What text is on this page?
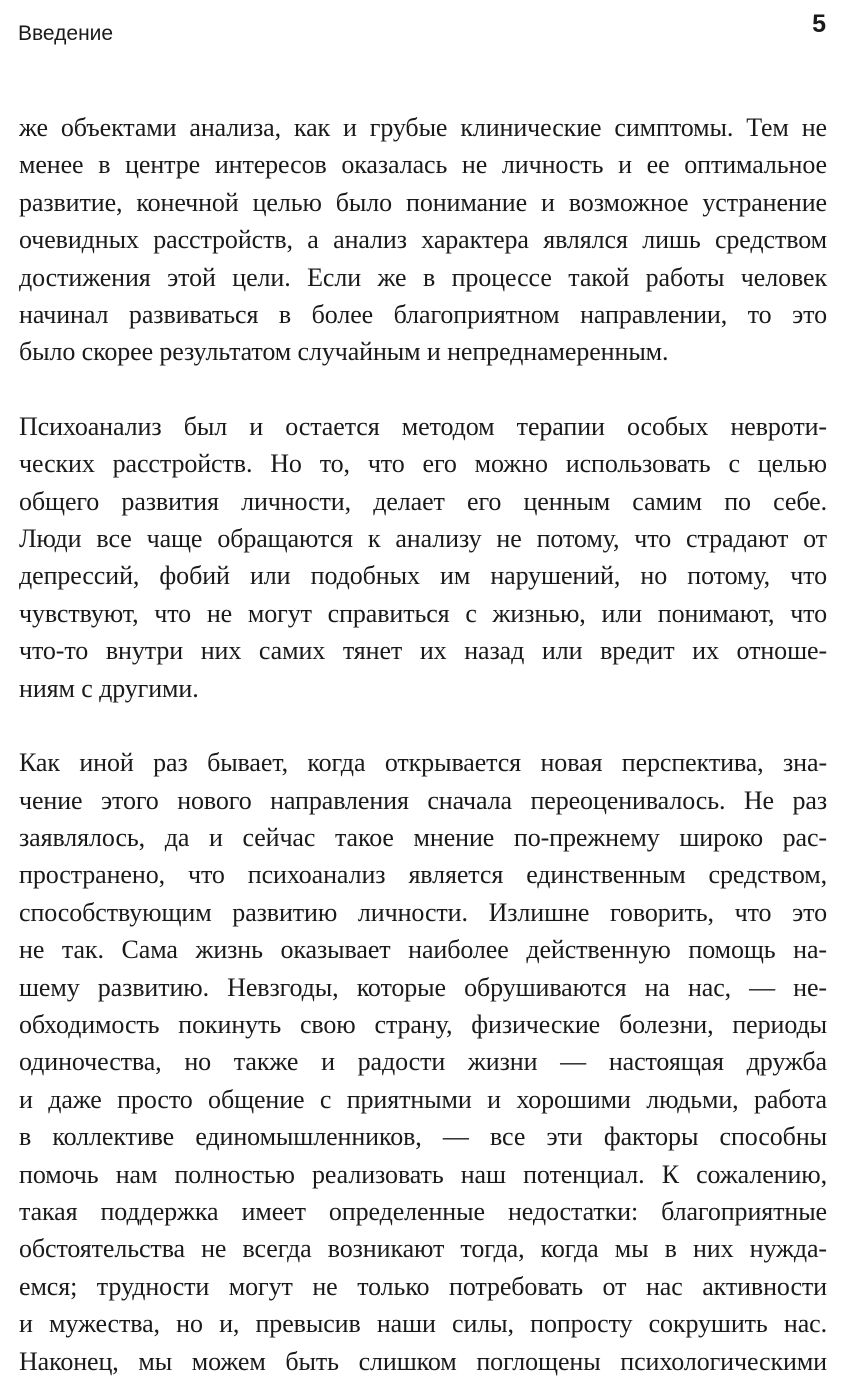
Введение	5

же объектами анализа, как и грубые клинические симптомы. Тем не
менее в центре интересов оказалась не личность и ее оптимальное
развитие, конечной целью было понимание и возможное устранение
очевидных расстройств, а анализ характера являлся лишь средством
достижения этой цели. Если же в процессе такой работы человек
начинал развиваться в более благоприятном направлении, то это
было скорее результатом случайным и непреднамеренным.

Психоанализ был и остается методом терапии особых невроти-
ческих расстройств. Но то, что его можно использовать с целью
общего развития личности, делает его ценным самим по себе.
Люди все чаще обращаются к анализу не потому, что страдают от
депрессий, фобий или подобных им нарушений, но потому, что
чувствуют, что не могут справиться с жизнью, или понимают, что
что-то внутри них самих тянет их назад или вредит их отноше-
ниям с другими.

Как иной раз бывает, когда открывается новая перспектива, зна-
чение этого нового направления сначала переоценивалось. Не раз
заявлялось, да и сейчас такое мнение по-прежнему широко рас-
пространено, что психоанализ является единственным средством,
способствующим развитию личности. Излишне говорить, что это
не так. Сама жизнь оказывает наиболее действенную помощь на-
шему развитию. Невзгоды, которые обрушиваются на нас, — не-
обходимость покинуть свою страну, физические болезни, периоды
одиночества, но также и радости жизни — настоящая дружба
и даже просто общение с приятными и хорошими людьми, работа
в коллективе единомышленников, — все эти факторы способны
помочь нам полностью реализовать наш потенциал. К сожалению,
такая поддержка имеет определенные недостатки: благоприятные
обстоятельства не всегда возникают тогда, когда мы в них нужда-
емся; трудности могут не только потребовать от нас активности
и мужества, но и, превысив наши силы, попросту сокрушить нас.
Наконец, мы можем быть слишком поглощены психологическими
